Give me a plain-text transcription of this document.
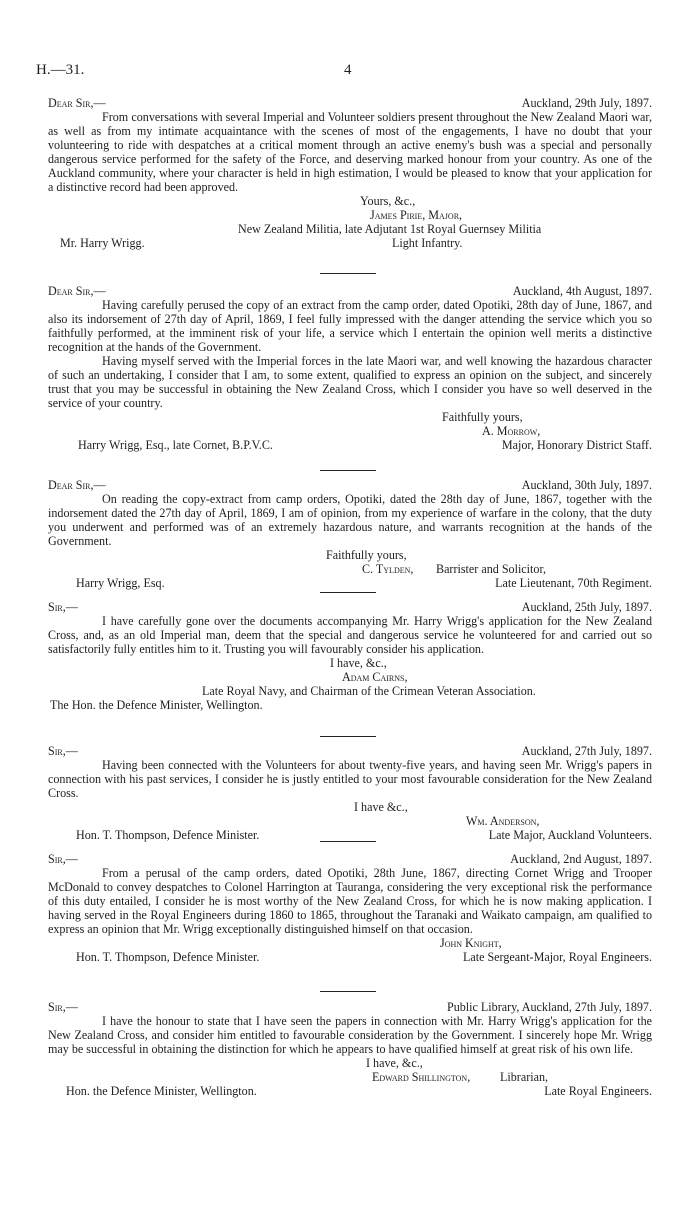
H.—31.	4
Dear Sir,—	Auckland, 29th July, 1897.
From conversations with several Imperial and Volunteer soldiers present throughout the New Zealand Maori war, as well as from my intimate acquaintance with the scenes of most of the engagements, I have no doubt that your volunteering to ride with despatches at a critical moment through an active enemy's bush was a special and personally dangerous service performed for the safety of the Force, and deserving marked honour from your country. As one of the Auckland community, where your character is held in high estimation, I would be pleased to know that your application for a distinctive record had been approved.
Yours, &c.,
James Pirie, Major,
New Zealand Militia, late Adjutant 1st Royal Guernsey Militia
Mr. Harry Wrigg.	Light Infantry.
Dear Sir,—	Auckland, 4th August, 1897.
Having carefully perused the copy of an extract from the camp order, dated Opotiki, 28th day of June, 1867, and also its indorsement of 27th day of April, 1869, I feel fully impressed with the danger attending the service which you so faithfully performed, at the imminent risk of your life, a service which I entertain the opinion well merits a distinctive recognition at the hands of the Government.
Having myself served with the Imperial forces in the late Maori war, and well knowing the hazardous character of such an undertaking, I consider that I am, to some extent, qualified to express an opinion on the subject, and sincerely trust that you may be successful in obtaining the New Zealand Cross, which I consider you have so well deserved in the service of your country.
Faithfully yours,
A. Morrow,
Harry Wrigg, Esq., late Cornet, B.P.V.C.	Major, Honorary District Staff.
Dear Sir,—	Auckland, 30th July, 1897.
On reading the copy-extract from camp orders, Opotiki, dated the 28th day of June, 1867, together with the indorsement dated the 27th day of April, 1869, I am of opinion, from my experience of warfare in the colony, that the duty you underwent and performed was of an extremely hazardous nature, and warrants recognition at the hands of the Government.
Faithfully yours,
C. Tylden, Barrister and Solicitor,
Harry Wrigg, Esq.	Late Lieutenant, 70th Regiment.
Sir,—	Auckland, 25th July, 1897.
I have carefully gone over the documents accompanying Mr. Harry Wrigg's application for the New Zealand Cross, and, as an old Imperial man, deem that the special and dangerous service he volunteered for and carried out so satisfactorily fully entitles him to it. Trusting you will favourably consider his application.
I have, &c.,
Adam Cairns,
Late Royal Navy, and Chairman of the Crimean Veteran Association.
The Hon. the Defence Minister, Wellington.
Sir,—	Auckland, 27th July, 1897.
Having been connected with the Volunteers for about twenty-five years, and having seen Mr. Wrigg's papers in connection with his past services, I consider he is justly entitled to your most favourable consideration for the New Zealand Cross.
I have &c.,
Wm. Anderson,
Hon. T. Thompson, Defence Minister.	Late Major, Auckland Volunteers.
Sir,—	Auckland, 2nd August, 1897.
From a perusal of the camp orders, dated Opotiki, 28th June, 1867, directing Cornet Wrigg and Trooper McDonald to convey despatches to Colonel Harrington at Tauranga, considering the very exceptional risk the performance of this duty entailed, I consider he is most worthy of the New Zealand Cross, for which he is now making application. I having served in the Royal Engineers during 1860 to 1865, throughout the Taranaki and Waikato campaign, am qualified to express an opinion that Mr. Wrigg exceptionally distinguished himself on that occasion.
John Knight,
Hon. T. Thompson, Defence Minister.	Late Sergeant-Major, Royal Engineers.
Sir,—	Public Library, Auckland, 27th July, 1897.
I have the honour to state that I have seen the papers in connection with Mr. Harry Wrigg's application for the New Zealand Cross, and consider him entitled to favourable consideration by the Government. I sincerely hope Mr. Wrigg may be successful in obtaining the distinction for which he appears to have qualified himself at great risk of his own life.
I have, &c.,
Edward Shillington, Librarian,
Hon. the Defence Minister, Wellington.	Late Royal Engineers.
